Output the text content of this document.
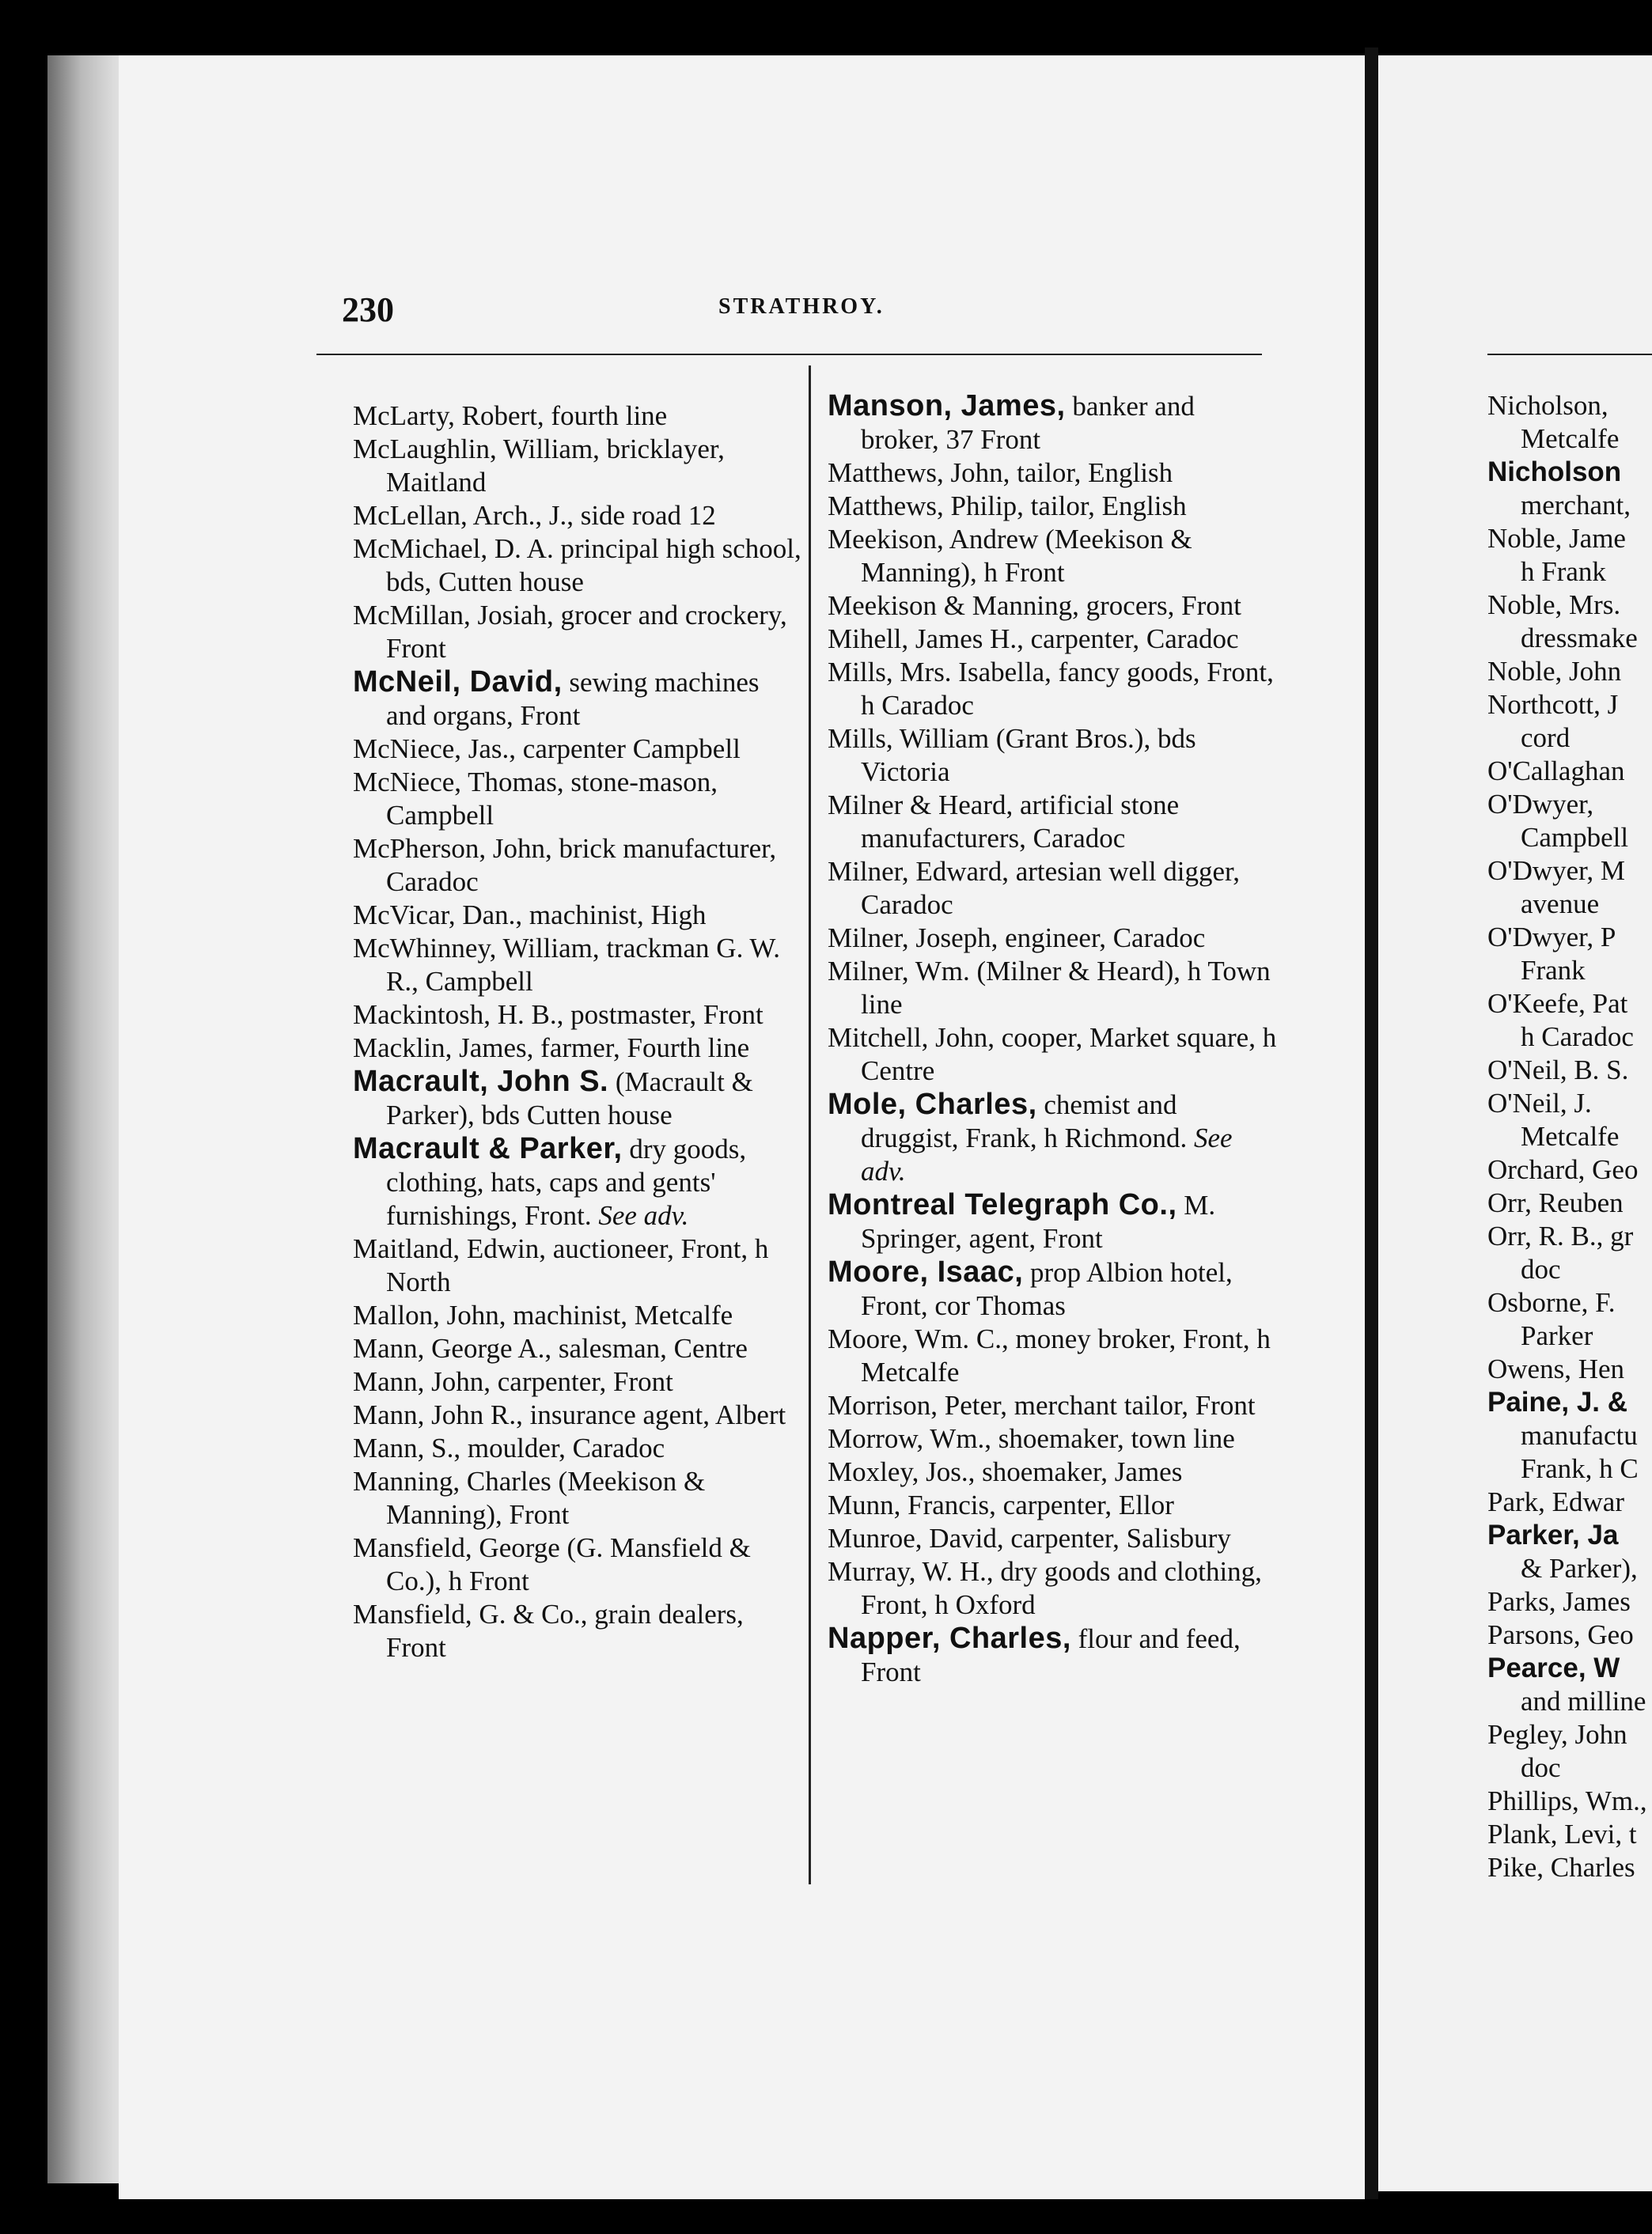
230	STRATHROY.

McLarty, Robert, fourth line

McLaughlin, William, bricklayer, Maitland

McLellan, Arch., J., side road 12

McMichael, D. A. principal high school, bds, Cutten house

McMillan, Josiah, grocer and crockery, Front

McNeil, David, sewing machines and organs, Front

McNiece, Jas., carpenter Campbell

McNiece, Thomas, stone-mason, Campbell

McPherson, John, brick manufacturer, Caradoc

McVicar, Dan., machinist, High

McWhinney, William, trackman G. W. R., Campbell

Mackintosh, H. B., postmaster, Front

Macklin, James, farmer, Fourth line

Macrault, John S. (Macrault & Parker), bds Cutten house

Macrault & Parker, dry goods, clothing, hats, caps and gents' furnishings, Front. See adv.

Maitland, Edwin, auctioneer, Front, h North

Mallon, John, machinist, Metcalfe

Mann, George A., salesman, Centre

Mann, John, carpenter, Front

Mann, John R., insurance agent, Albert

Mann, S., moulder, Caradoc

Manning, Charles (Meekison & Manning), Front

Mansfield, George (G. Mansfield & Co.), h Front

Mansfield, G. & Co., grain dealers, Front

Manson, James, banker and broker, 37 Front

Matthews, John, tailor, English

Matthews, Philip, tailor, English

Meekison, Andrew (Meekison & Manning), h Front

Meekison & Manning, grocers, Front

Mihell, James H., carpenter, Caradoc

Mills, Mrs. Isabella, fancy goods, Front, h Caradoc

Mills, William (Grant Bros.), bds Victoria

Milner & Heard, artificial stone manufacturers, Caradoc

Milner, Edward, artesian well digger, Caradoc

Milner, Joseph, engineer, Caradoc

Milner, Wm. (Milner & Heard), h Town line

Mitchell, John, cooper, Market square, h Centre

Mole, Charles, chemist and druggist, Frank, h Richmond. See adv.

Montreal Telegraph Co., M. Springer, agent, Front

Moore, Isaac, prop Albion hotel, Front, cor Thomas

Moore, Wm. C., money broker, Front, h Metcalfe

Morrison, Peter, merchant tailor, Front

Morrow, Wm., shoemaker, town line

Moxley, Jos., shoemaker, James

Munn, Francis, carpenter, Ellor

Munroe, David, carpenter, Salisbury

Murray, W. H., dry goods and clothing, Front, h Oxford

Napper, Charles, flour and feed, Front

Nicholson,
Metcalfe
Nicholson
merchant,
Noble, Jame
h Frank
Noble, Mrs.
dressmake
Noble, John
Northcott, J
cord
O'Callaghan
O'Dwyer,
Campbell
O'Dwyer, M
avenue
O'Dwyer, P
Frank
O'Keefe, Pat
h Caradoc
O'Neil, B. S.
O'Neil, J.
Metcalfe
Orchard, Geo
Orr, Reuben
Orr, R. B., gr
doc
Osborne, F.
Parker
Owens, Hen
Paine, J. &
manufactu
Frank, h C
Park, Edwar
Parker, Ja
& Parker),
Parks, James
Parsons, Geo
Pearce, W
and milline
Pegley, John
doc
Phillips, Wm.,
Plank, Levi, t
Pike, Charles
